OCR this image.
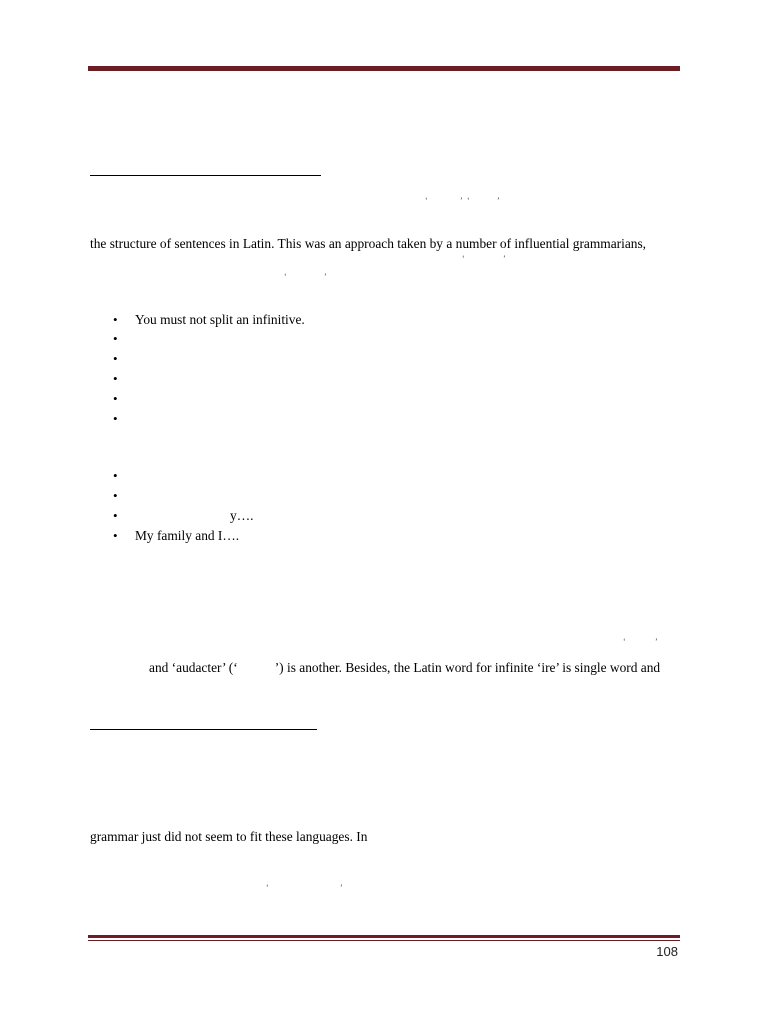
‘	’ ‘	’
the structure of sentences in Latin. This was an approach taken by a number of influential grammarians,
‘	’
‘	’
• You must not split an infinitive.
•
•
•
•
•
•
•
•	y….
• My family and I….
‘	’
and ‘audacter’ (‘	’) is another. Besides, the Latin word for infinite ‘ire’ is single word and
grammar just did not seem to fit these languages. In
‘	’
108
